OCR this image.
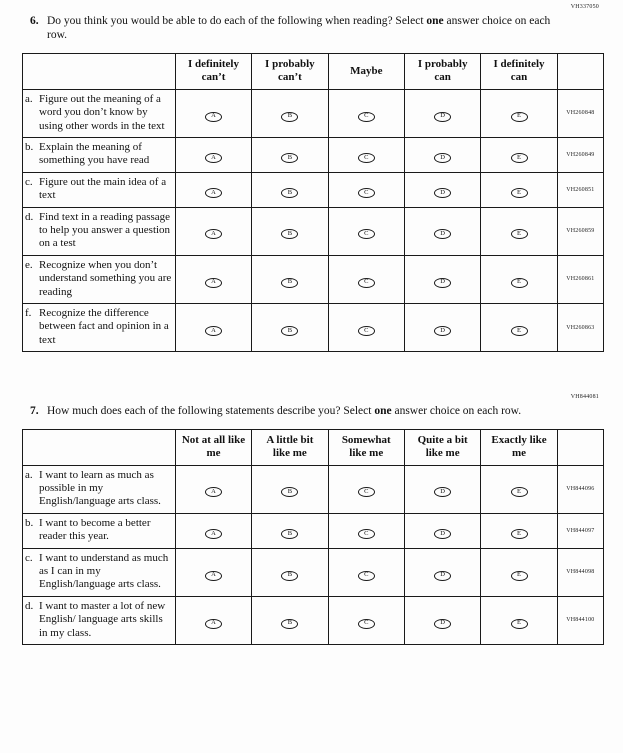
VH337050
6. Do you think you would be able to do each of the following when reading? Select one answer choice on each row.

	I definitely can’t	I probably can’t	Maybe	I probably can	I definitely can	

a. Figure out the meaning of a word you don’t know by using other words in the text	A	B	C	D	E	VH260848

b. Explain the meaning of something you have read	A	B	C	D	E	VH260849

c. Figure out the main idea of a text	A	B	C	D	E	VH260851

d. Find text in a reading passage to help you answer a question on a test	A	B	C	D	E	VH260859

e. Recognize when you don’t understand something you are reading	A	B	C	D	E	VH260861

f. Recognize the difference between fact and opinion in a text	A	B	C	D	E	VH260863
VH844081
7. How much does each of the following statements describe you? Select one answer choice on each row.

	Not at all like me	A little bit like me	Somewhat like me	Quite a bit like me	Exactly like me	

a. I want to learn as much as possible in my English/language arts class.	A	B	C	D	E	VH844096

b. I want to become a better reader this year.	A	B	C	D	E	VH844097

c. I want to understand as much as I can in my English/language arts class.	A	B	C	D	E	VH844098

d. I want to master a lot of new English/ language arts skills in my class.	A	B	C	D	E	VH844100
